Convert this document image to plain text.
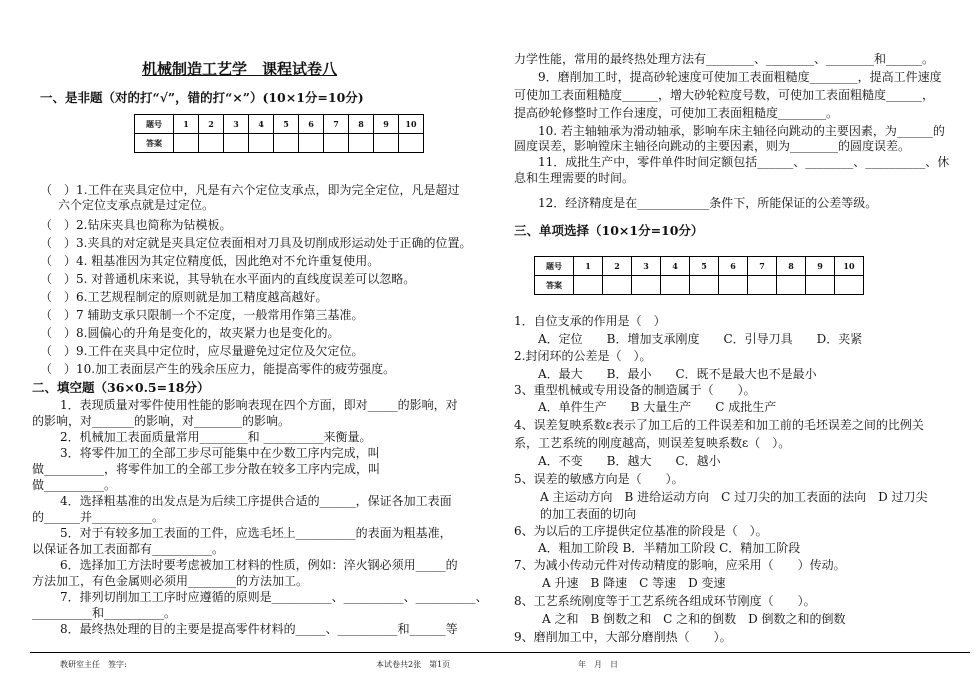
机械制造工艺学　课程试卷八
一、是非题（对的打“√”，错的打“×”）(10×1分=10分)
题号	1	2	3	4	5	6	7	8	9	10
答案										
（　）1.工件在夹具定位中，凡是有六个定位支承点，即为完全定位，凡是超过
六个定位支承点就是过定位。
（　）2.钻床夹具也简称为钻模板。
（　）3.夹具的对定就是夹具定位表面相对刀具及切削成形运动处于正确的位置。
（　）4. 粗基准因为其定位精度低，因此绝对不允许重复使用。
（　）5. 对普通机床来说，其导轨在水平面内的直线度误差可以忽略。
（　）6.工艺规程制定的原则就是加工精度越高越好。
（　）7 辅助支承只限制一个不定度，一般常用作第三基准。
（　）8.圆偏心的升角是变化的，故夹紧力也是变化的。
（　）9.工件在夹具中定位时，应尽量避免过定位及欠定位。
（　）10.加工表面层产生的残余压应力，能提高零件的疲劳强度。
二、填空题（36×0.5=18分）
1．表现质量对零件使用性能的影响表现在四个方面，即对_____的影响，对
的影响，对_______的影响，对________的影响。
2．机械加工表面质量常用________和 __________来衡量。
3．将零件加工的全部工步尽可能集中在少数工序内完成，叫
做__________，将零件加工的全部工步分散在较多工序内完成，叫
做__________。
4．选择粗基准的出发点是为后续工序提供合适的______，保证各加工表面
的______并__________。
5．对于有较多加工表面的工件，应选毛坯上__________的表面为粗基准，
以保证各加工表面都有__________。
6．选择加工方法时要考虑被加工材料的性质，例如：淬火钢必须用_____的
方法加工，有色金属则必须用________的方法加工。
7．排列切削加工工序时应遵循的原则是__________、__________、__________、
__________和__________。
8．最终热处理的目的主要是提高零件材料的_____、__________和______等
力学性能，常用的最终热处理方法有________、________、________和______。
9．磨削加工时，提高砂轮速度可使加工表面粗糙度________，提高工件速度
可使加工表面粗糙度______，增大砂轮粒度号数，可使加工表面粗糙度______，
提高砂轮修整时工作台速度，可使加工表面粗糙度________。
10. 若主轴轴承为滑动轴承，影响车床主轴径向跳动的主要因素，为______的
圆度误差，影响镗床主轴径向跳动的主要因素，则为________的圆度误差。
11．成批生产中，零件单件时间定额包括______、________、__________、休
息和生理需要的时间。
12．经济精度是在____________条件下，所能保证的公差等级。
三、单项选择（10×1分=10分）
题号	1	2	3	4	5	6	7	8	9	10
答案										
1．自位支承的作用是（　）
A．定位　　B．增加支承刚度　　C．引导刀具　　D．夹紧
2.封闭环的公差是（　）。
A．最大　　B．最小　　C．既不是最大也不是最小
3、重型机械或专用设备的制造属于（　　）。
A．单件生产　　B 大量生产　　C 成批生产
4、误差复映系数ε表示了加工后的工件误差和加工前的毛坯误差之间的比例关
系，工艺系统的刚度越高，则误差复映系数ε（　）。
A．不变　　B．越大　　C．越小
5、误差的敏感方向是（　　）。
A 主运动方向　B 进给运动方向　C 过刀尖的加工表面的法向　D 过刀尖
的加工表面的切向
6、为以后的工序提供定位基准的阶段是（　）。
A．粗加工阶段 B．半精加工阶段 C．精加工阶段
7、为减小传动元件对传动精度的影响，应采用（　　）传动。
A 升速　B 降速　C 等速　D 变速
8、工艺系统刚度等于工艺系统各组成环节刚度（　　）。
A 之和　B 倒数之和　C 之和的倒数　D 倒数之和的倒数
9、磨削加工中，大部分磨削热（　　）。
教研室主任　签字:	本试卷共2张　第1页	年　月　日
